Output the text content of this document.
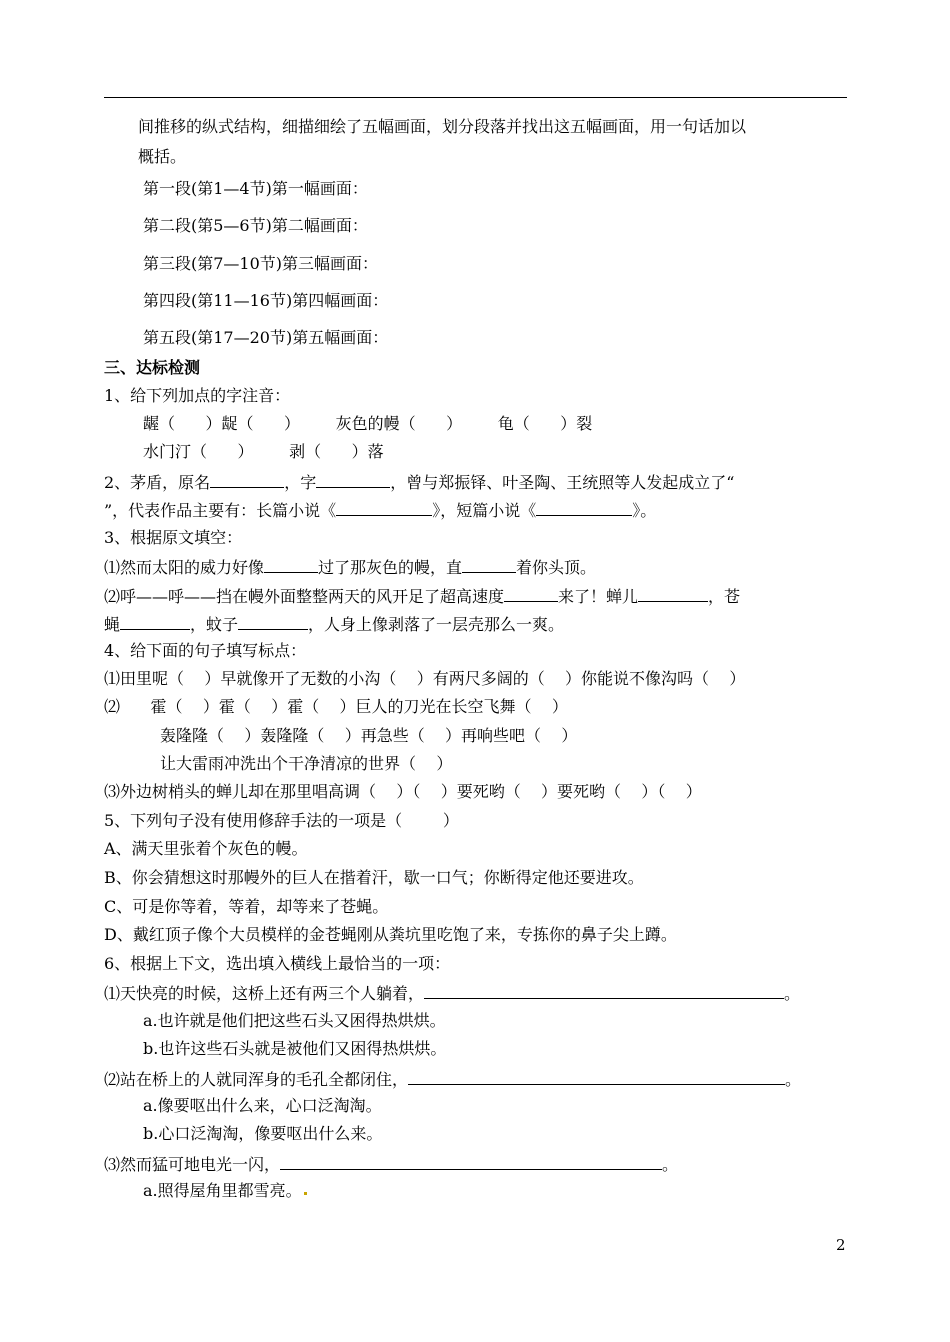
间推移的纵式结构，细描细绘了五幅画面，划分段落并找出这五幅画面，用一句话加以
概括。
第一段(第1—4节)第一幅画面：
第二段(第5—6节)第二幅画面：
第三段(第7—10节)第三幅画面：
第四段(第11—16节)第四幅画面：
第五段(第17—20节)第五幅画面：
三、达标检测
1、给下列加点的字注音：
龌（      ）龊（      ）       灰色的幔（      ）       龟（      ）裂
水门汀（      ）       剥（      ）落
2、茅盾，原名	，字	，曾与郑振铎、叶圣陶、王统照等人发起成立了“
”，代表作品主要有：长篇小说《	》，短篇小说《	》。
3、根据原文填空：
⑴然而太阳的威力好像	过了那灰色的幔，直	着你头顶。
⑵呼——呼——挡在幔外面整整两天的风开足了超高速度	来了！蝉儿	，苍
蝇	，蚊子	，人身上像剥落了一层壳那么一爽。
4、给下面的句子填写标点：
⑴田里呢（    ）早就像开了无数的小沟（    ）有两尺多阔的（    ）你能说不像沟吗（    ）
⑵      霍（    ）霍（    ）霍（    ）巨人的刀光在长空飞舞（    ）
轰隆隆（    ）轰隆隆（    ）再急些（    ）再响些吧（    ）
让大雷雨冲洗出个干净清凉的世界（    ）
⑶外边树梢头的蝉儿却在那里唱高调（    ）（    ）要死哟（    ）要死哟（    ）（    ）
5、下列句子没有使用修辞手法的一项是（        ）
A、满天里张着个灰色的幔。
B、你会猜想这时那幔外的巨人在揩着汗，歇一口气；你断得定他还要进攻。
C、可是你等着，等着，却等来了苍蝇。
D、戴红顶子像个大员模样的金苍蝇刚从粪坑里吃饱了来，专拣你的鼻子尖上蹲。
6、根据上下文，选出填入横线上最恰当的一项：
⑴天快亮的时候，这桥上还有两三个人躺着，	。
a.也许就是他们把这些石头又困得热烘烘。
b.也许这些石头就是被他们又困得热烘烘。
⑵站在桥上的人就同浑身的毛孔全都闭住，	。
a.像要呕出什么来，心口泛淘淘。
b.心口泛淘淘，像要呕出什么来。
⑶然而猛可地电光一闪，	。
a.照得屋角里都雪亮。
2
